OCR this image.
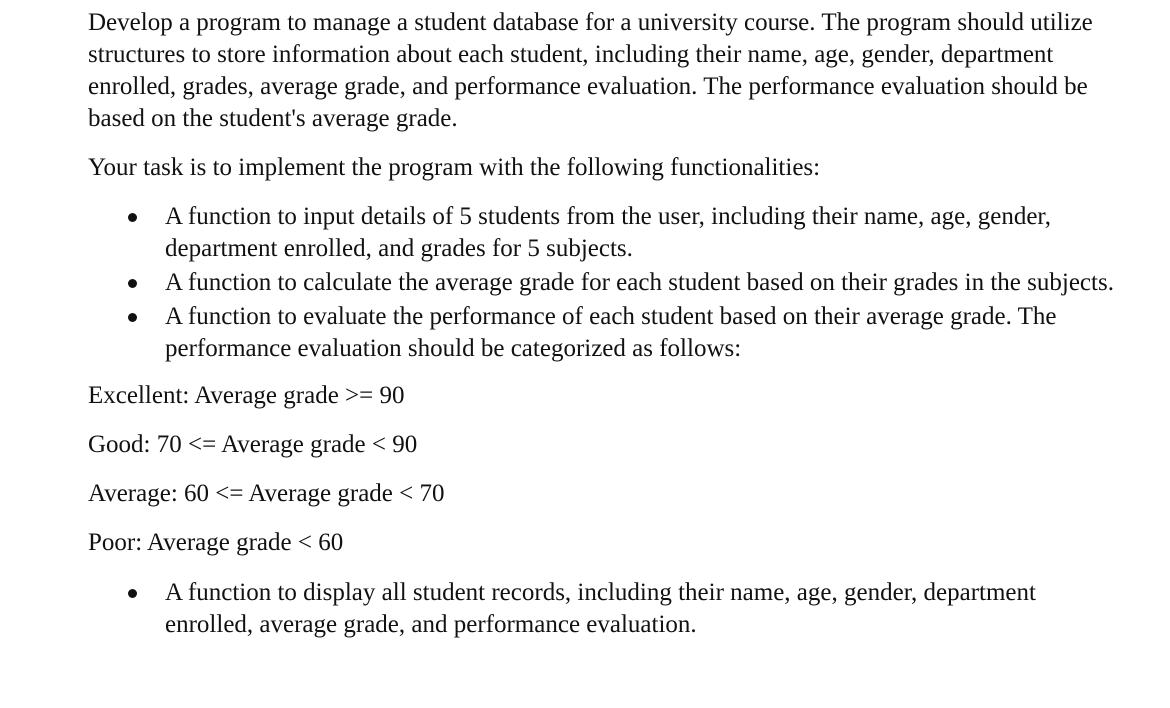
Develop a program to manage a student database for a university course. The program should utilize structures to store information about each student, including their name, age, gender, department enrolled, grades, average grade, and performance evaluation. The performance evaluation should be based on the student's average grade.

Your task is to implement the program with the following functionalities:

A function to input details of 5 students from the user, including their name, age, gender, department enrolled, and grades for 5 subjects.
A function to calculate the average grade for each student based on their grades in the subjects.
A function to evaluate the performance of each student based on their average grade. The performance evaluation should be categorized as follows:

Excellent: Average grade >= 90

Good: 70 <= Average grade < 90

Average: 60 <= Average grade < 70

Poor: Average grade < 60

A function to display all student records, including their name, age, gender, department enrolled, average grade, and performance evaluation.
